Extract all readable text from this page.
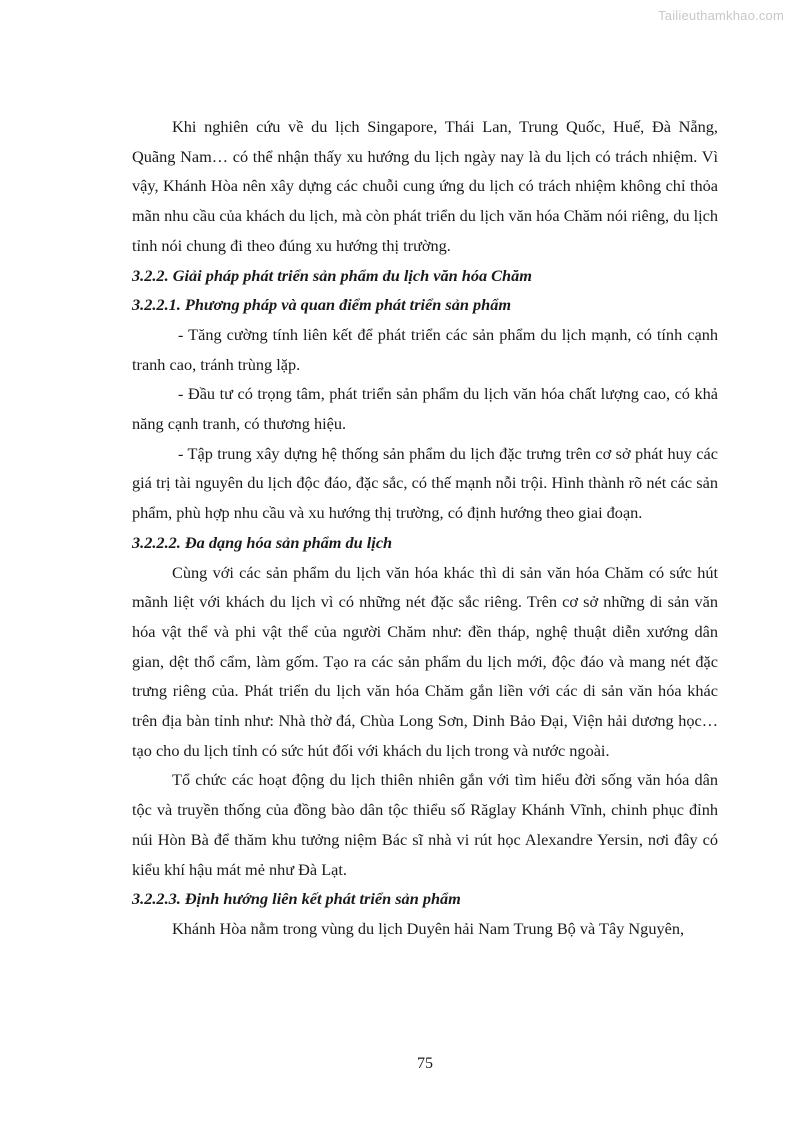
Tailieuthamkhao.com

Khi nghiên cứu về du lịch Singapore, Thái Lan, Trung Quốc, Huế, Đà Nẵng, Quãng Nam… có thể nhận thấy xu hướng du lịch ngày nay là du lịch có trách nhiệm. Vì vậy, Khánh Hòa nên xây dựng các chuỗi cung ứng du lịch có trách nhiệm không chỉ thỏa mãn nhu cầu của khách du lịch, mà còn phát triển du lịch văn hóa Chăm nói riêng, du lịch tỉnh nói chung đi theo đúng xu hướng thị trường.

3.2.2. Giải pháp phát triển sản phẩm du lịch văn hóa Chăm

3.2.2.1. Phương pháp và quan điểm phát triển sản phẩm

- Tăng cường tính liên kết để phát triển các sản phẩm du lịch mạnh, có tính cạnh tranh cao, tránh trùng lặp.

- Đầu tư có trọng tâm, phát triển sản phẩm du lịch văn hóa chất lượng cao, có khả năng cạnh tranh, có thương hiệu.

- Tập trung xây dựng hệ thống sản phẩm du lịch đặc trưng trên cơ sở phát huy các giá trị tài nguyên du lịch độc đáo, đặc sắc, có thế mạnh nỗi trội. Hình thành rõ nét các sản phẩm, phù hợp nhu cầu và xu hướng thị trường, có định hướng theo giai đoạn.

3.2.2.2. Đa dạng hóa sản phẩm du lịch

Cùng với các sản phẩm du lịch văn hóa khác thì di sản văn hóa Chăm có sức hút mãnh liệt với khách du lịch vì có những nét đặc sắc riêng. Trên cơ sở những di sản văn hóa vật thể và phi vật thể của người Chăm như: đền tháp, nghệ thuật diễn xướng dân gian, dệt thổ cẩm, làm gốm. Tạo ra các sản phẩm du lịch mới, độc đáo và mang nét đặc trưng riêng của. Phát triển du lịch văn hóa Chăm gắn liền với các di sản văn hóa khác trên địa bàn tỉnh như: Nhà thờ đá, Chùa Long Sơn, Dinh Bảo Đại, Viện hải dương học… tạo cho du lịch tỉnh có sức hút đối với khách du lịch trong và nước ngoài.

Tổ chức các hoạt động du lịch thiên nhiên gắn với tìm hiểu đời sống văn hóa dân tộc và truyền thống của đồng bào dân tộc thiểu số Răglay Khánh Vĩnh, chinh phục đỉnh núi Hòn Bà để thăm khu tưởng niệm Bác sĩ nhà vi rút học Alexandre Yersin, nơi đây có kiểu khí hậu mát mẻ như Đà Lạt.

3.2.2.3. Định hướng liên kết phát triển sản phẩm

Khánh Hòa nằm trong vùng du lịch Duyên hải Nam Trung Bộ và Tây Nguyên,

75
